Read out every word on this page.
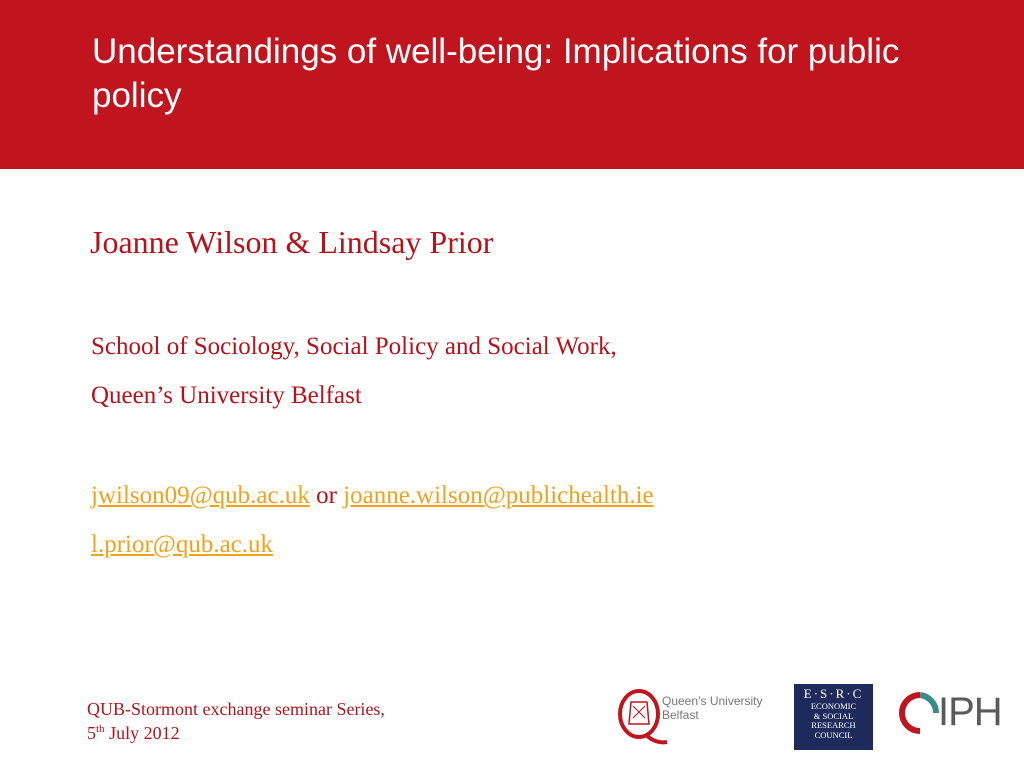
Understandings of well-being: Implications for public policy
Joanne Wilson & Lindsay Prior
School of Sociology, Social Policy and Social Work,
Queen’s University Belfast
jwilson09@qub.ac.uk or joanne.wilson@publichealth.ie
l.prior@qub.ac.uk
QUB-Stormont exchange seminar Series,
5th July 2012
Queen’s University
Belfast
E·S·R·C
ECONOMIC
& SOCIAL
RESEARCH
COUNCIL
IPH
